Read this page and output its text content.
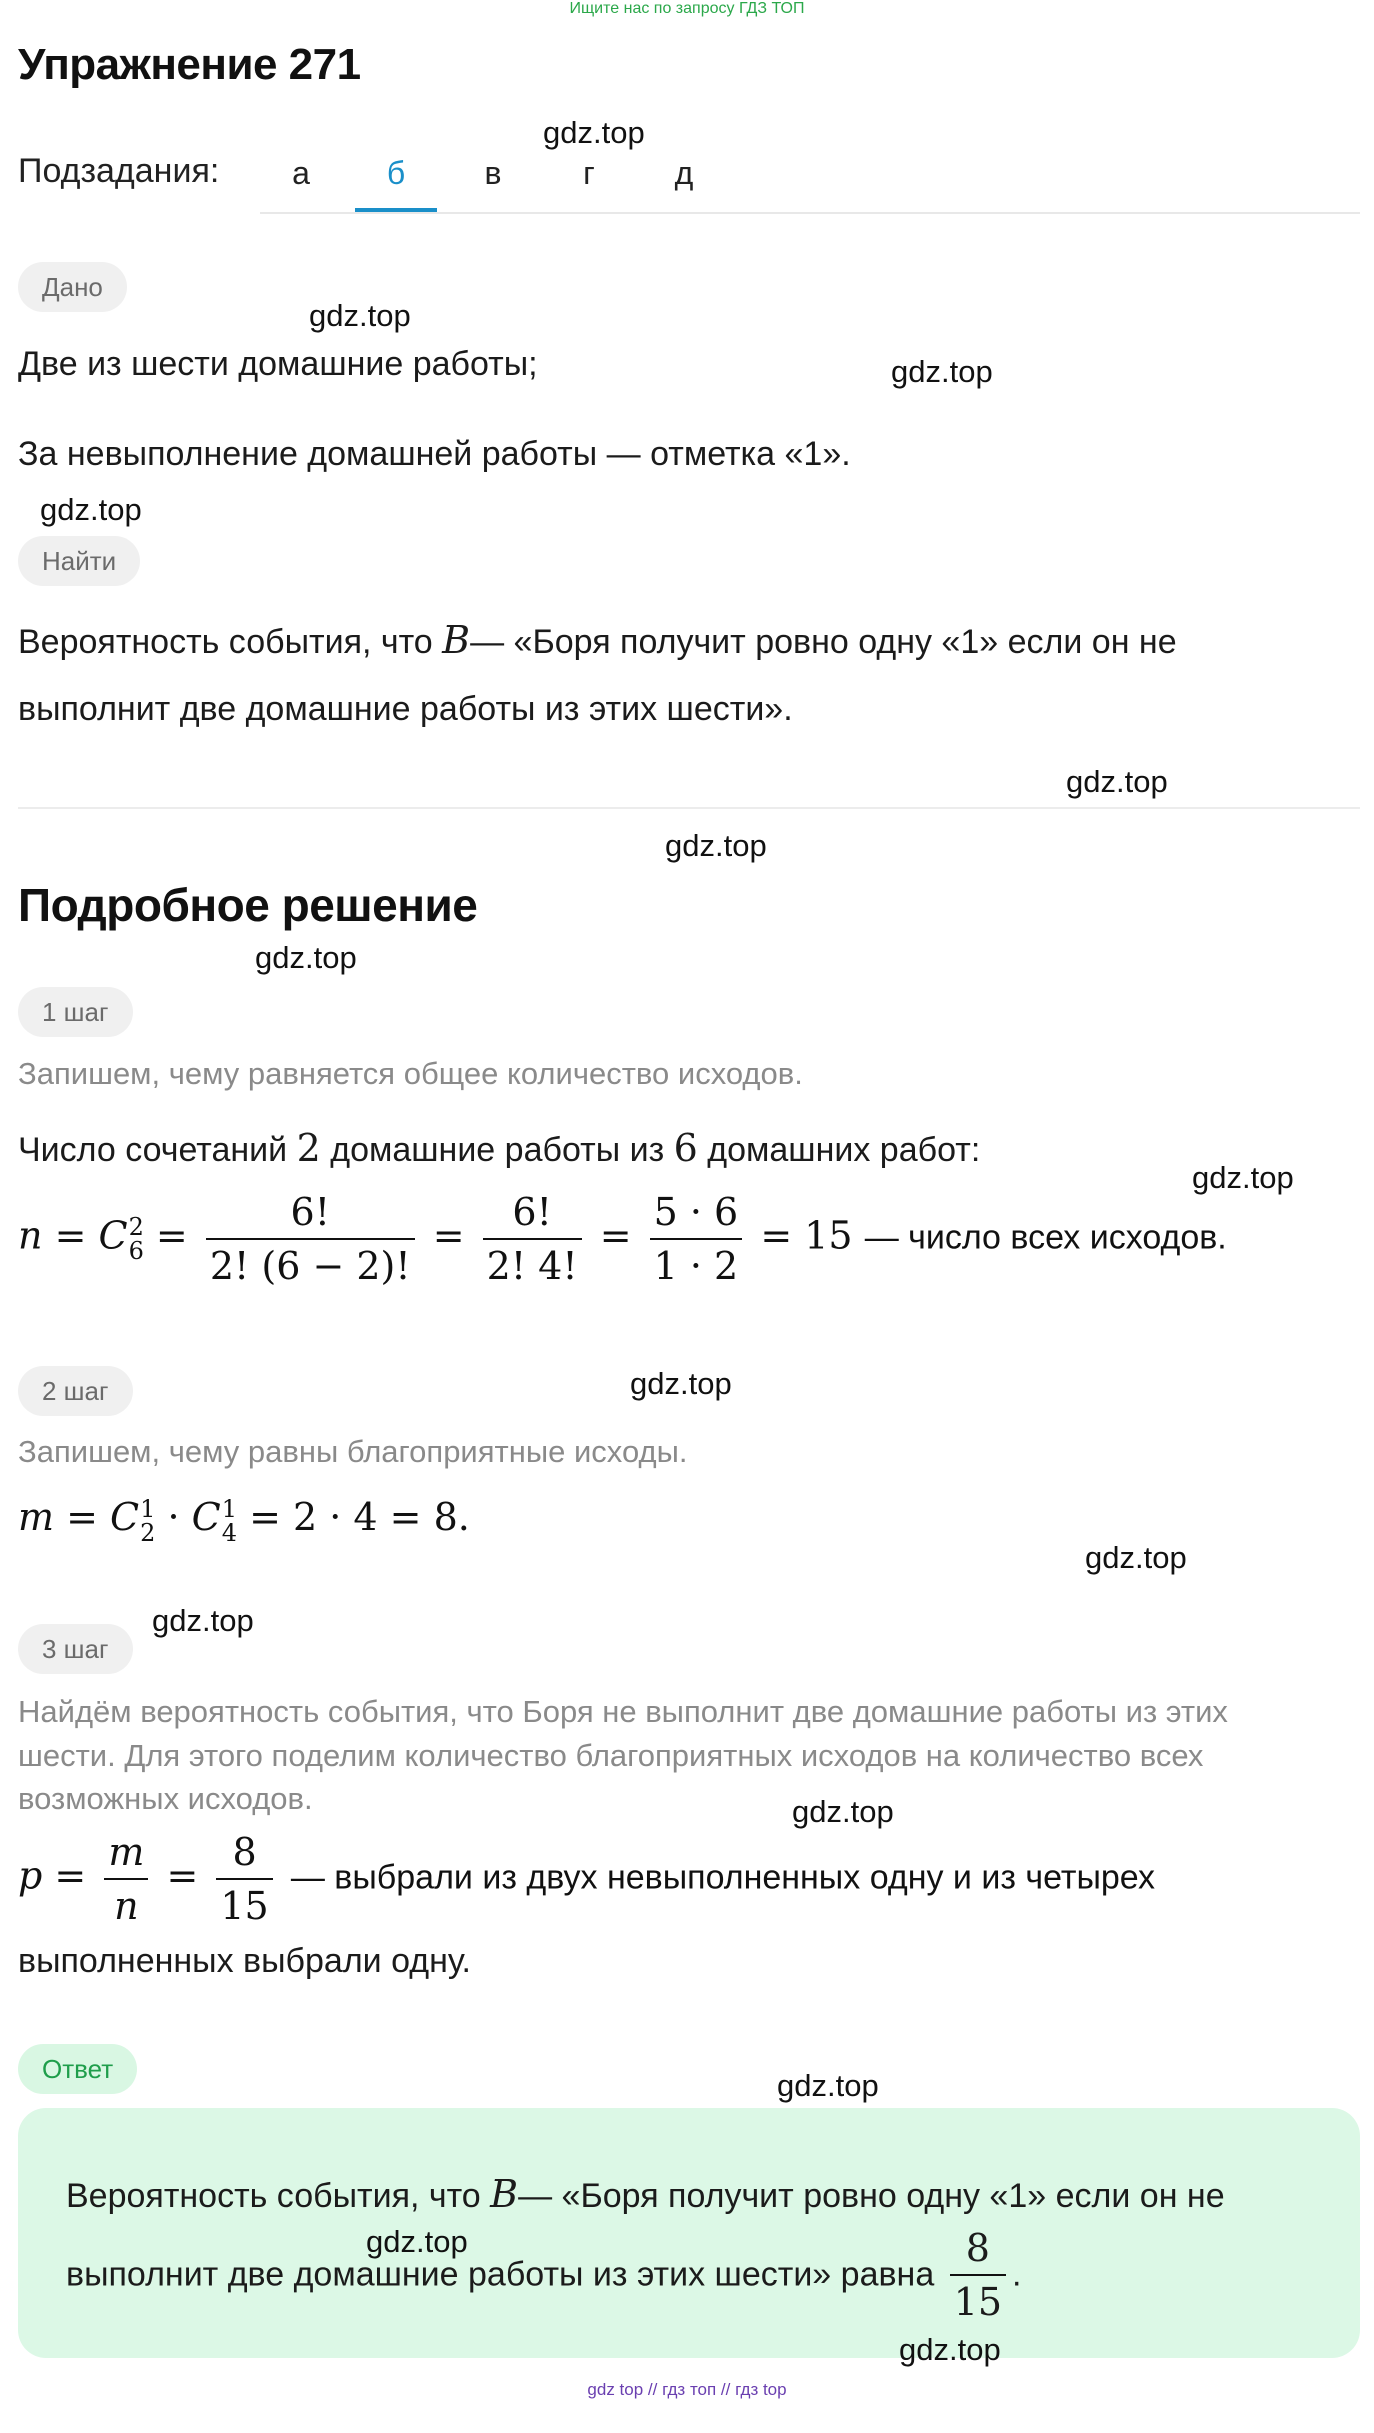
Ищите нас по запросу ГДЗ ТОП
Упражнение 271
Подзадания:	а	б	в	г	д
Дано
Две из шести домашние работы;
За невыполнение домашней работы — отметка «1».
Найти
Вероятность события, что B— «Боря получит ровно одну «1» если он не
выполнит две домашние работы из этих шести».
Подробное решение
1 шаг
Запишем, чему равняется общее количество исходов.
Число сочетаний 2 домашние работы из 6 домашних работ:
n = C 2
$6 = \frac{6!}{2! (6 - 2)!} = \frac{6!}{2! 4!} = \frac{5 \cdot 6}{1 \cdot 2} = 15$ — число всех исходов.
2 шаг
Запишем, чему равны благоприятные исходы.
m = C 1
2 · C 1
4 = 2 · 4 = 8.
3 шаг
Найдём вероятность события, что Боря не выполнит две домашние работы из этих
шести. Для этого поделим количество благоприятных исходов на количество всех
возможных исходов.
$p = \frac{m}{n} = \frac{8}{15}$ — выбрали из двух невыполненных одну и из четырех
выполненных выбрали одну.
Ответ
Вероятность события, что B— «Боря получит ровно одну «1» если он не
выполнит две домашние работы из этих шести» равна $\frac{8}{15}$ .
gdz.top
gdz.top
gdz.top
gdz.top
gdz.top
gdz.top
gdz.top
gdz.top
gdz.top
gdz.top
gdz.top
gdz.top
gdz.top
gdz.top
gdz.top
gdz top // гдз топ // гдз top
